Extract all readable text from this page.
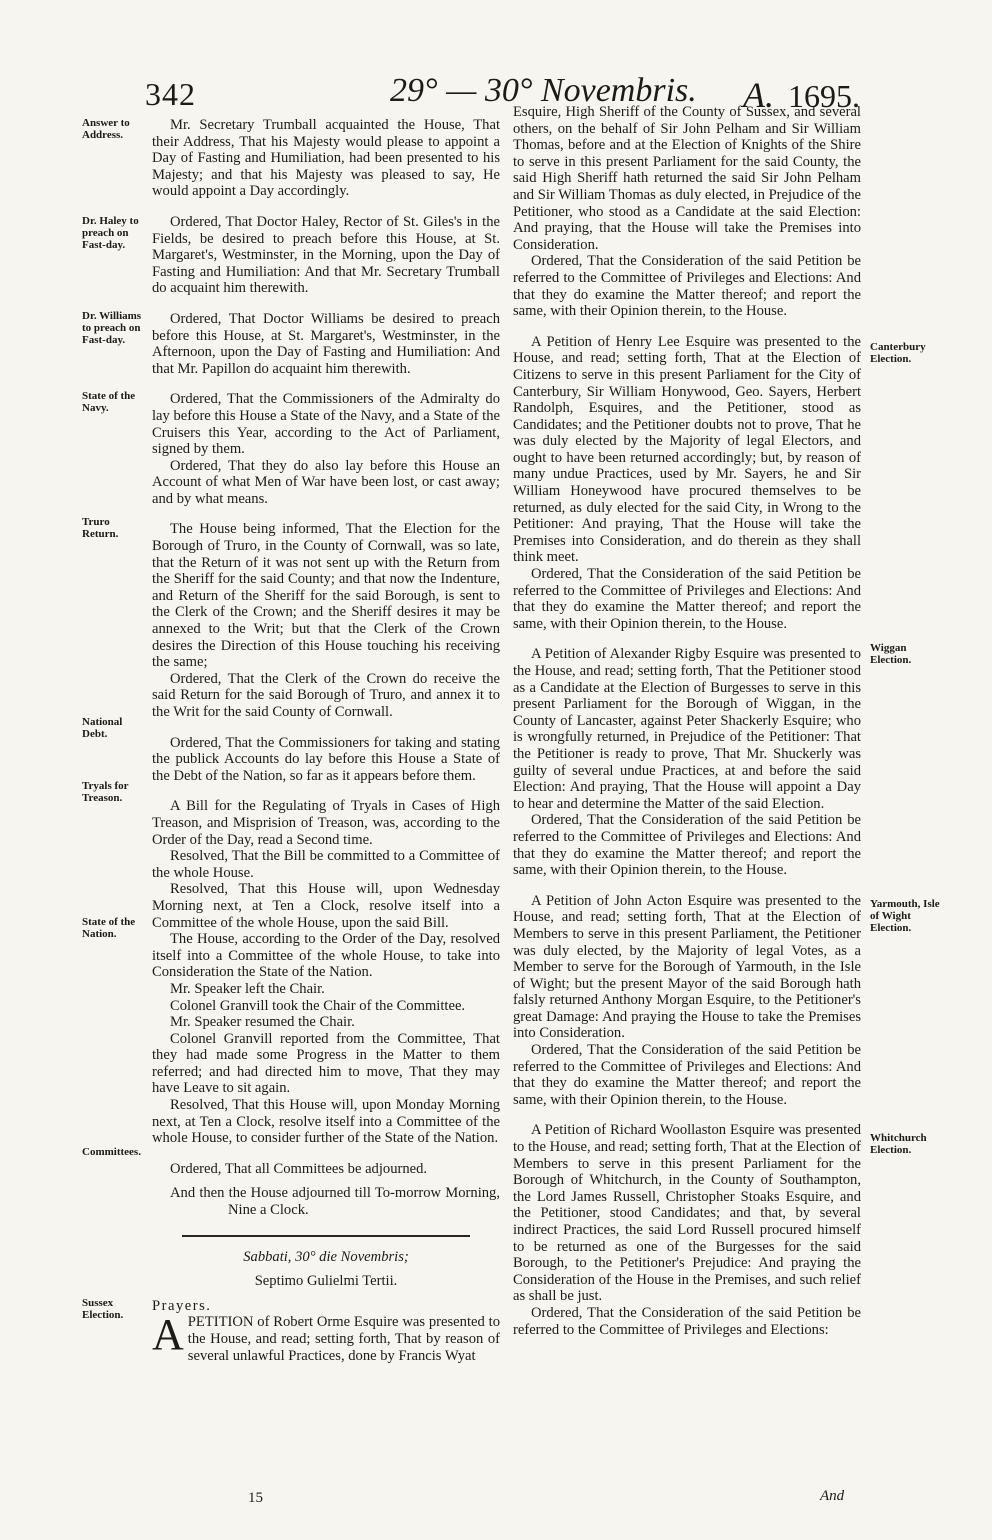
342	29° — 30° Novembris. A. 1695.
Answer to Address.
Dr. Haley to preach on Fast-day.
Dr. Williams to preach on Fast-day.
State of the Navy.
Truro Return.
National Debt.
Tryals for Treason.
State of the Nation.
Committees.
Sussex Election.
Canterbury Election.
Wiggan Election.
Yarmouth, Isle of Wight Election.
Whitchurch Election.

Mr. Secretary Trumball acquainted the House, That their Address, That his Majesty would please to appoint a Day of Fasting and Humiliation, had been presented to his Majesty; and that his Majesty was pleased to say, He would appoint a Day accordingly.

Ordered, That Doctor Haley, Rector of St. Giles's in the Fields, be desired to preach before this House, at St. Margaret's, Westminster, in the Morning, upon the Day of Fasting and Humiliation: And that Mr. Secretary Trumball do acquaint him therewith.

Ordered, That Doctor Williams be desired to preach before this House, at St. Margaret's, Westminster, in the Afternoon, upon the Day of Fasting and Humiliation: And that Mr. Papillon do acquaint him therewith.

Ordered, That the Commissioners of the Admiralty do lay before this House a State of the Navy, and a State of the Cruisers this Year, according to the Act of Parliament, signed by them.

Ordered, That they do also lay before this House an Account of what Men of War have been lost, or cast away; and by what means.

The House being informed, That the Election for the Borough of Truro, in the County of Cornwall, was so late, that the Return of it was not sent up with the Return from the Sheriff for the said County; and that now the Indenture, and Return of the Sheriff for the said Borough, is sent to the Clerk of the Crown; and the Sheriff desires it may be annexed to the Writ; but that the Clerk of the Crown desires the Direction of this House touching his receiving the same;

Ordered, That the Clerk of the Crown do receive the said Return for the said Borough of Truro, and annex it to the Writ for the said County of Cornwall.

Ordered, That the Commissioners for taking and stating the publick Accounts do lay before this House a State of the Debt of the Nation, so far as it appears before them.

A Bill for the Regulating of Tryals in Cases of High Treason, and Misprision of Treason, was, according to the Order of the Day, read a Second time.

Resolved, That the Bill be committed to a Committee of the whole House.

Resolved, That this House will, upon Wednesday Morning next, at Ten a Clock, resolve itself into a Committee of the whole House, upon the said Bill.

The House, according to the Order of the Day, resolved itself into a Committee of the whole House, to take into Consideration the State of the Nation.

Mr. Speaker left the Chair.

Colonel Granvill took the Chair of the Committee.

Mr. Speaker resumed the Chair.

Colonel Granvill reported from the Committee, That they had made some Progress in the Matter to them referred; and had directed him to move, That they may have Leave to sit again.

Resolved, That this House will, upon Monday Morning next, at Ten a Clock, resolve itself into a Committee of the whole House, to consider further of the State of the Nation.

Ordered, That all Committees be adjourned.

And then the House adjourned till To-morrow Morning, Nine a Clock.

Sabbati, 30° die Novembris;

Septimo Gulielmi Tertii.

Prayers.

APETITION of Robert Orme Esquire was presented to the House, and read; setting forth, That by reason of several unlawful Practices, done by Francis Wyat

Esquire, High Sheriff of the County of Sussex, and several others, on the behalf of Sir John Pelham and Sir William Thomas, before and at the Election of Knights of the Shire to serve in this present Parliament for the said County, the said High Sheriff hath returned the said Sir John Pelham and Sir William Thomas as duly elected, in Prejudice of the Petitioner, who stood as a Candidate at the said Election: And praying, that the House will take the Premises into Consideration.

Ordered, That the Consideration of the said Petition be referred to the Committee of Privileges and Elections: And that they do examine the Matter thereof; and report the same, with their Opinion therein, to the House.

A Petition of Henry Lee Esquire was presented to the House, and read; setting forth, That at the Election of Citizens to serve in this present Parliament for the City of Canterbury, Sir William Honywood, Geo. Sayers, Herbert Randolph, Esquires, and the Petitioner, stood as Candidates; and the Petitioner doubts not to prove, That he was duly elected by the Majority of legal Electors, and ought to have been returned accordingly; but, by reason of many undue Practices, used by Mr. Sayers, he and Sir William Honeywood have procured themselves to be returned, as duly elected for the said City, in Wrong to the Petitioner: And praying, That the House will take the Premises into Consideration, and do therein as they shall think meet.

Ordered, That the Consideration of the said Petition be referred to the Committee of Privileges and Elections: And that they do examine the Matter thereof; and report the same, with their Opinion therein, to the House.

A Petition of Alexander Rigby Esquire was presented to the House, and read; setting forth, That the Petitioner stood as a Candidate at the Election of Burgesses to serve in this present Parliament for the Borough of Wiggan, in the County of Lancaster, against Peter Shackerly Esquire; who is wrongfully returned, in Prejudice of the Petitioner: That the Petitioner is ready to prove, That Mr. Shuckerly was guilty of several undue Practices, at and before the said Election: And praying, That the House will appoint a Day to hear and determine the Matter of the said Election.

Ordered, That the Consideration of the said Petition be referred to the Committee of Privileges and Elections: And that they do examine the Matter thereof; and report the same, with their Opinion therein, to the House.

A Petition of John Acton Esquire was presented to the House, and read; setting forth, That at the Election of Members to serve in this present Parliament, the Petitioner was duly elected, by the Majority of legal Votes, as a Member to serve for the Borough of Yarmouth, in the Isle of Wight; but the present Mayor of the said Borough hath falsly returned Anthony Morgan Esquire, to the Petitioner's great Damage: And praying the House to take the Premises into Consideration.

Ordered, That the Consideration of the said Petition be referred to the Committee of Privileges and Elections: And that they do examine the Matter thereof; and report the same, with their Opinion therein, to the House.

A Petition of Richard Woollaston Esquire was presented to the House, and read; setting forth, That at the Election of Members to serve in this present Parliament for the Borough of Whitchurch, in the County of Southampton, the Lord James Russell, Christopher Stoaks Esquire, and the Petitioner, stood Candidates; and that, by several indirect Practices, the said Lord Russell procured himself to be returned as one of the Burgesses for the said Borough, to the Petitioner's Prejudice: And praying the Consideration of the House in the Premises, and such relief as shall be just.

Ordered, That the Consideration of the said Petition be referred to the Committee of Privileges and Elections:

15	And
